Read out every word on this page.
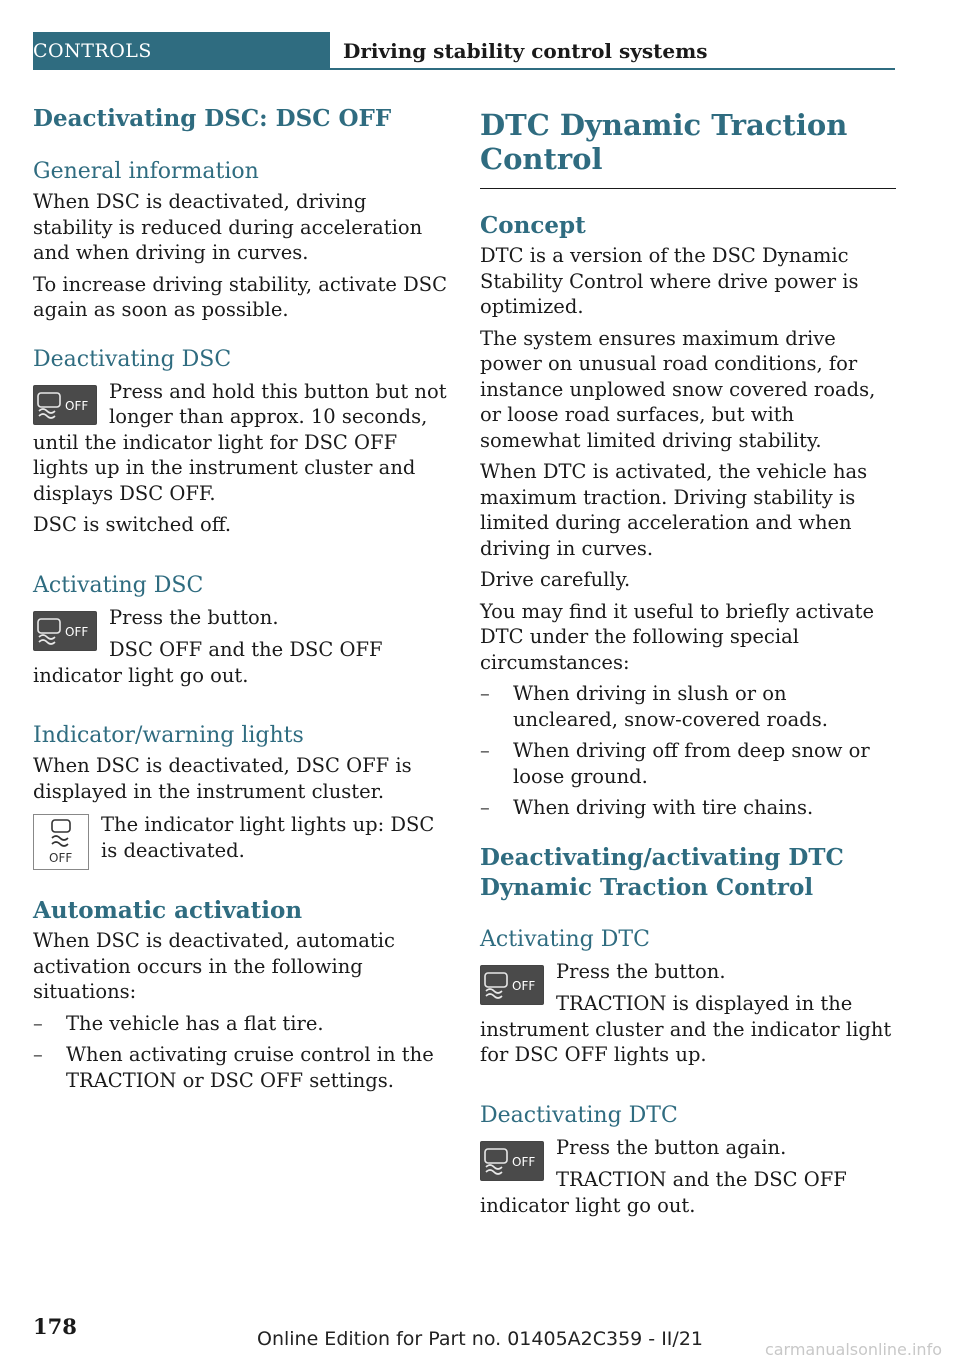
CONTROLS	Driving stability control systems
Deactivating DSC: DSC OFF
General information

When DSC is deactivated, driving stability is reduced during acceleration and when driving in curves.

To increase driving stability, activate DSC again as soon as possible.

Deactivating DSC
OFF

Press and hold this button but not longer than approx. 10 seconds, until the indicator light for DSC OFF lights up in the instrument cluster and displays DSC OFF.

DSC is switched off.

Activating DSC
OFF

Press the button.

DSC OFF and the DSC OFF indicator light go out.

Indicator/warning lights

When DSC is deactivated, DSC OFF is displayed in the instrument cluster.

OFF

The indicator light lights up: DSC is deactivated.

Automatic activation

When DSC is deactivated, automatic activation occurs in the following situations:

– The vehicle has a flat tire.
– When activating cruise control in the TRACTION or DSC OFF settings.
DTC Dynamic Traction Control
Concept

DTC is a version of the DSC Dynamic Stability Control where drive power is optimized.

The system ensures maximum drive power on unusual road conditions, for instance unplowed snow covered roads, or loose road surfaces, but with somewhat limited driving stability.

When DTC is activated, the vehicle has maximum traction. Driving stability is limited during acceleration and when driving in curves.

Drive carefully.

You may find it useful to briefly activate DTC under the following special circumstances:

– When driving in slush or on uncleared, snow-covered roads.
– When driving off from deep snow or loose ground.
– When driving with tire chains.
Deactivating/activating DTC Dynamic Traction Control
Activating DTC
OFF

Press the button.

TRACTION is displayed in the instrument cluster and the indicator light for DSC OFF lights up.

Deactivating DTC
OFF

Press the button again.

TRACTION and the DSC OFF indicator light go out.

178	Online Edition for Part no. 01405A2C359 - II/21	carmanualsonline.info
